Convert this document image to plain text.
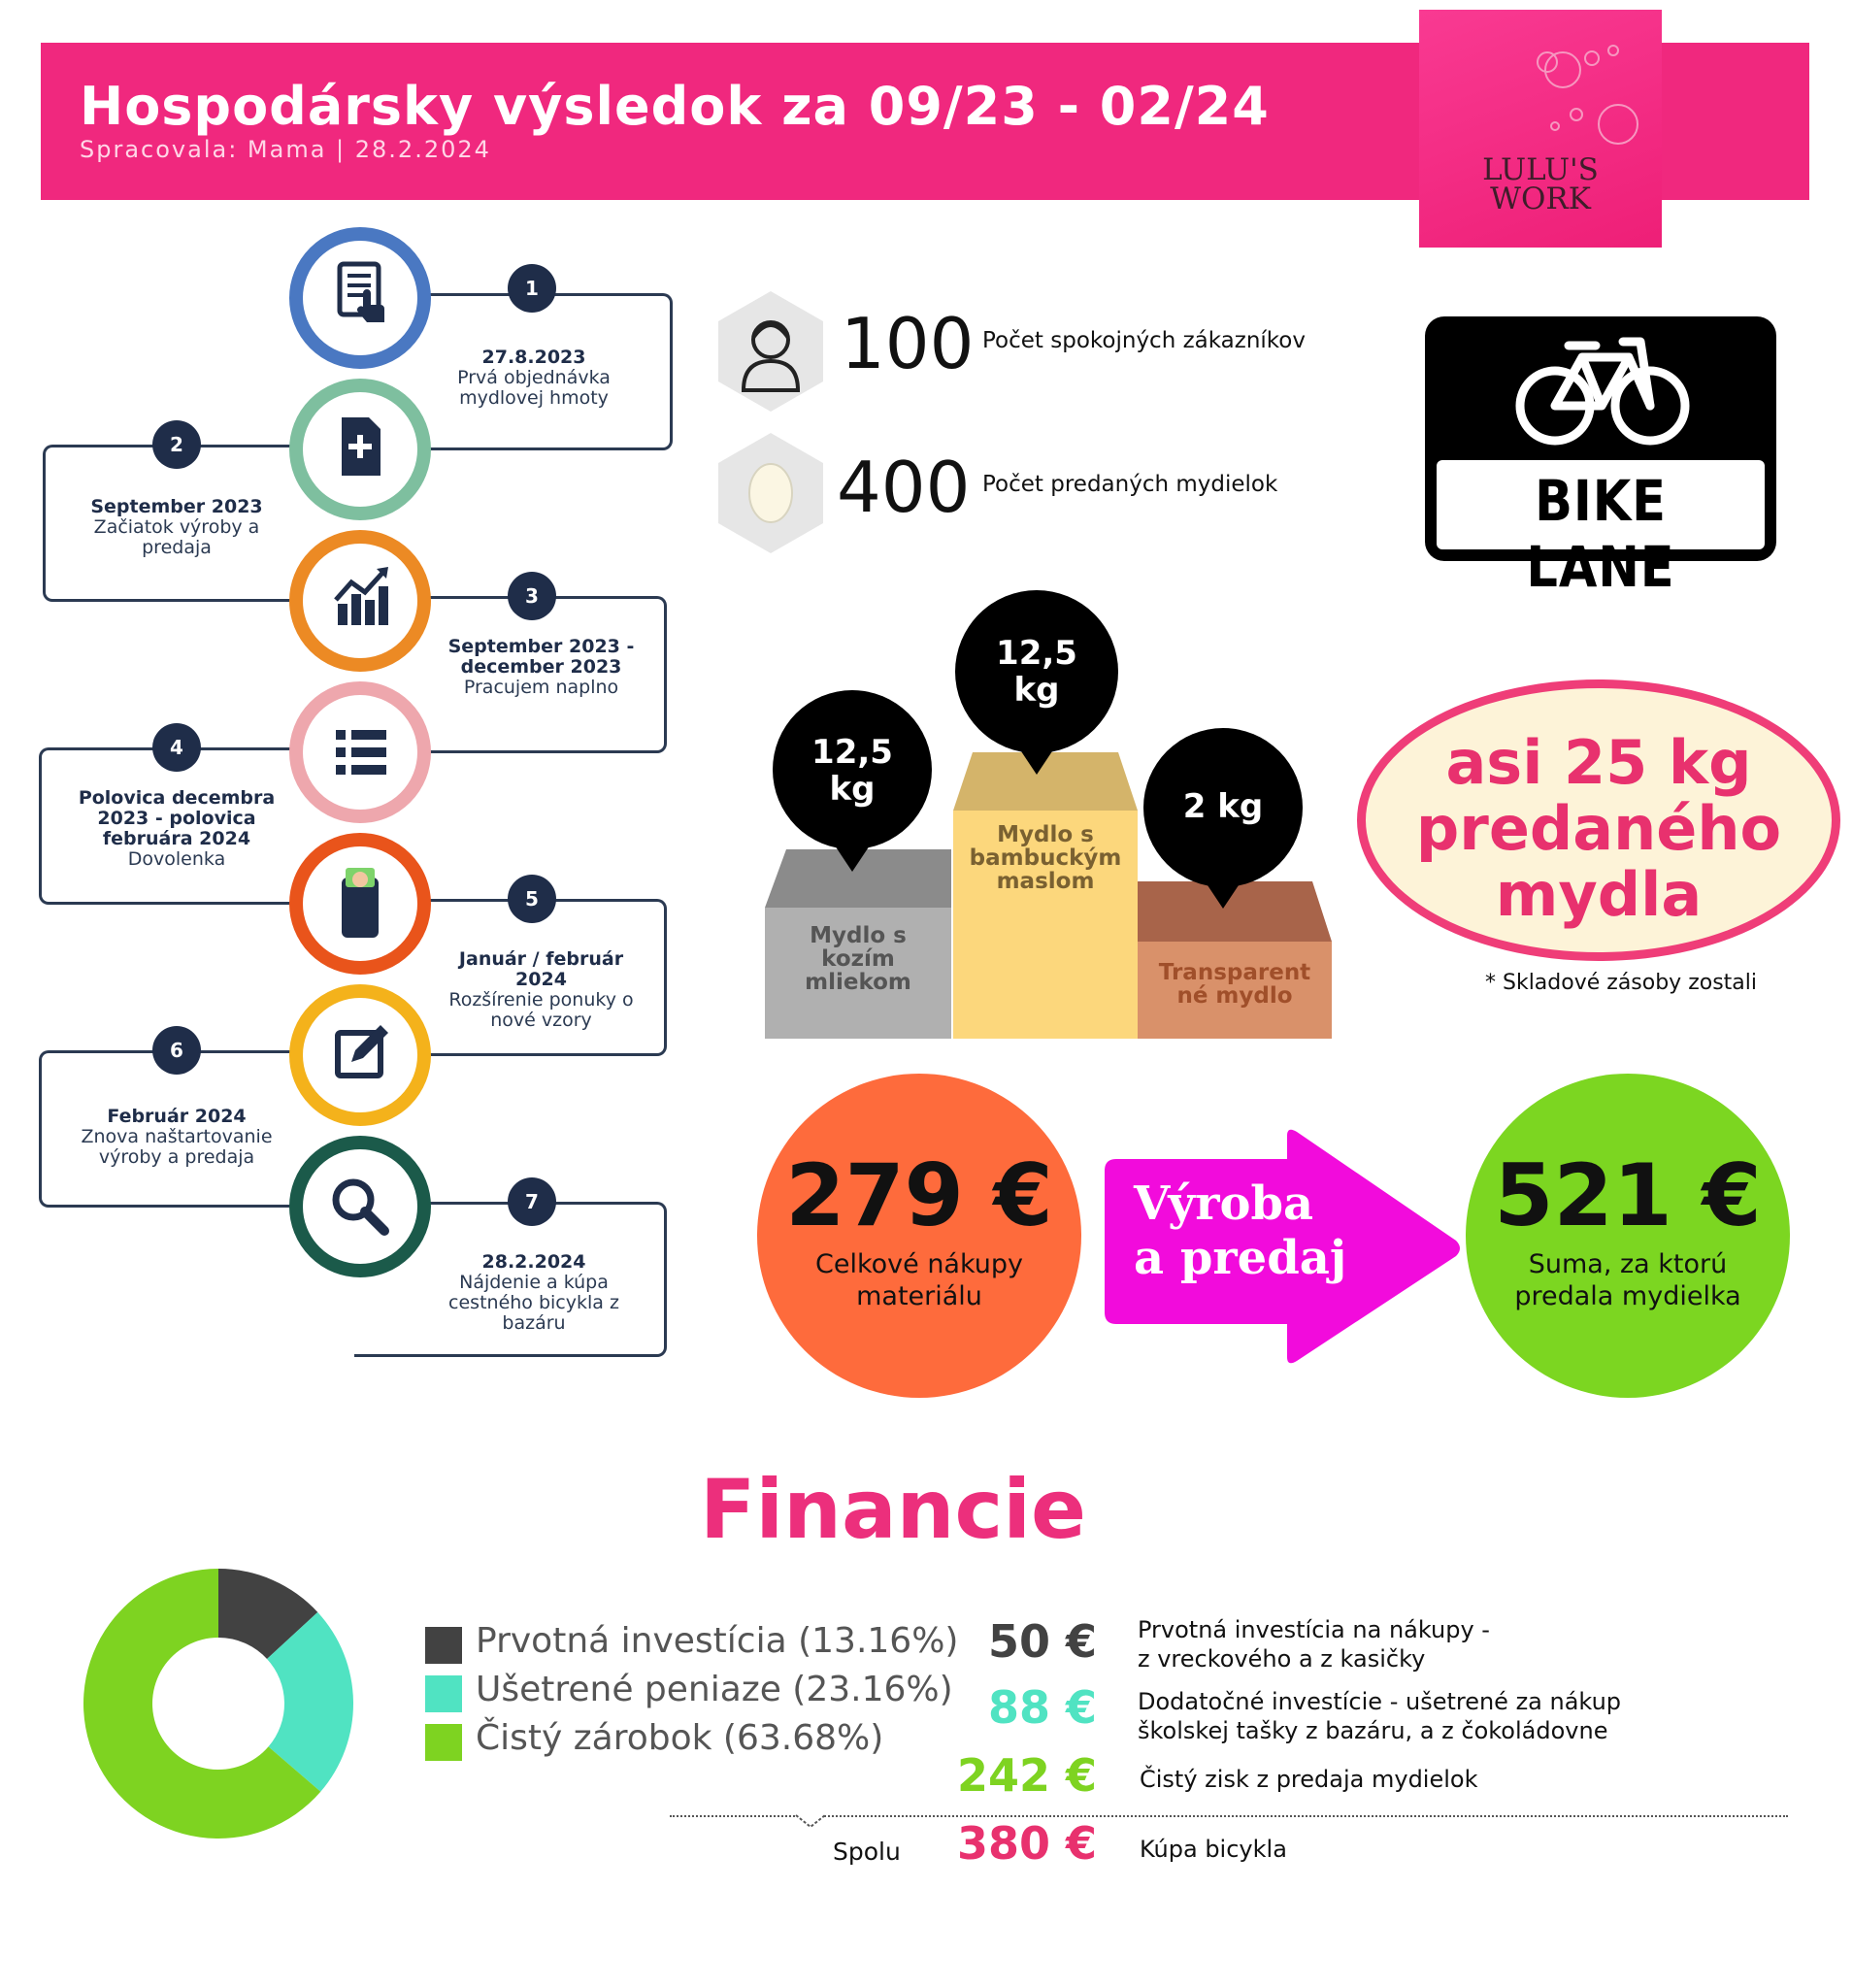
Hospodársky výsledok za 09/23 - 02/24
Spracovala: Mama | 28.2.2024
LULU'S
WORK
1
2
3
4
5
6
7
27.8.2023
Prvá objednávka mydlovej hmoty
September 2023
Začiatok výroby a predaja
September 2023 - december 2023
Pracujem naplno
Polovica decembra 2023 - polovica februára 2024
Dovolenka
Január / február 2024
Rozšírenie ponuky o nové vzory
Február 2024
Znova naštartovanie výroby a predaja
28.2.2024
Nájdenie a kúpa cestného bicykla z bazáru
100 Počet spokojných zákazníkov
400 Počet predaných mydielok	BIKE LANE
12,5
kg
12,5
kg
2 kg
Mydlo s
kozím
mliekom
Mydlo s
bambuckým
maslom
Transparent
né mydlo
asi 25 kg predaného mydla
* Skladové zásoby zostali
279 €
Celkové nákupy materiálu
Výroba a predaj
521 €
Suma, za ktorú predala mydielka
Financie
Prvotná investícia (13.16%)
Ušetrené peniaze (23.16%)
Čistý zárobok (63.68%)
50 € Prvotná investícia na nákupy -
z vreckového a z kasičky
88 € Dodatočné investície - ušetrené za nákup
školskej tašky z bazáru, a z čokoládovne
242 € Čistý zisk z predaja mydielok
Spolu	380 € Kúpa bicykla
